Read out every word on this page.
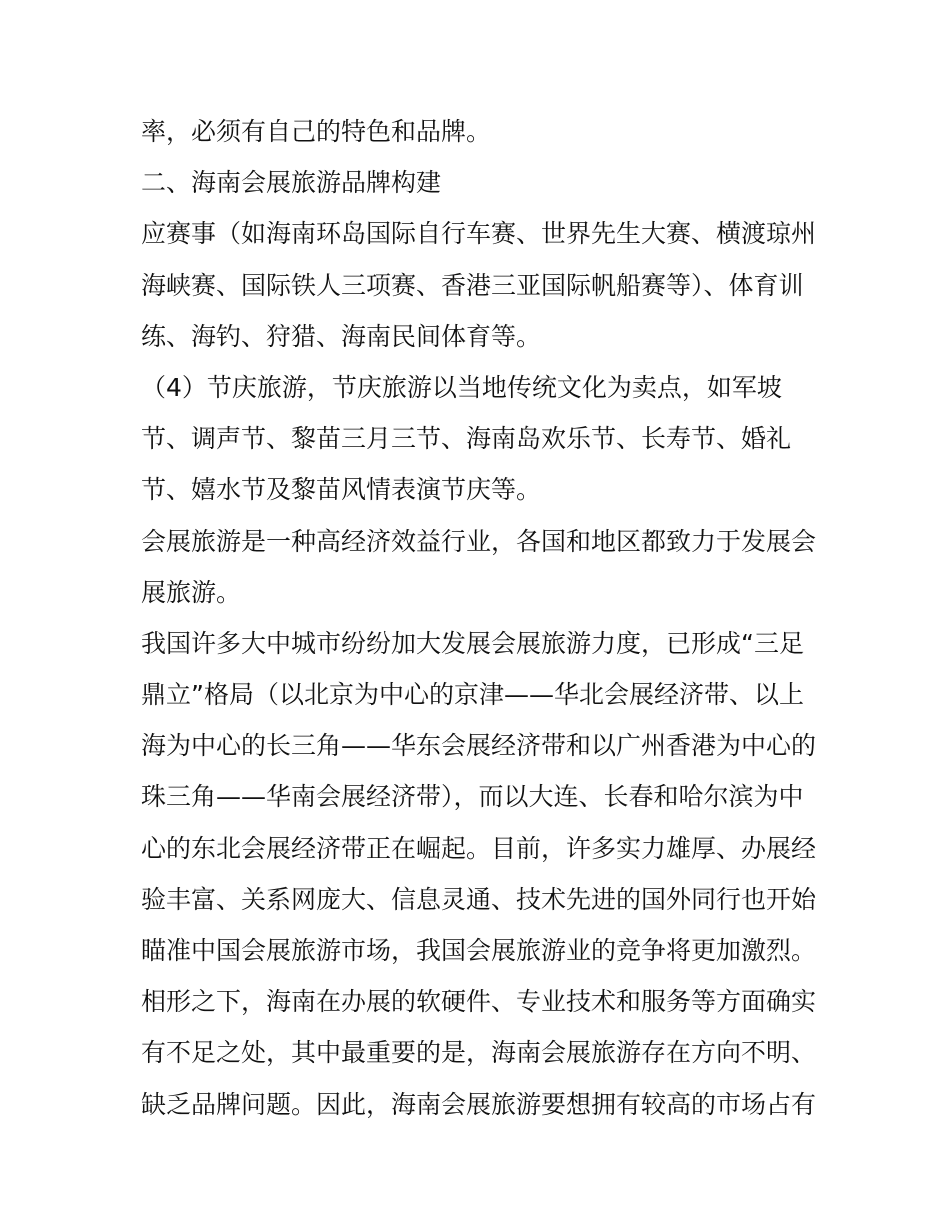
率，必须有自己的特色和品牌。
二、海南会展旅游品牌构建
应赛事（如海南环岛国际自行车赛、世界先生大赛、横渡琼州
海峡赛、国际铁人三项赛、香港三亚国际帆船赛等）、体育训
练、海钓、狩猎、海南民间体育等。
（4）节庆旅游，节庆旅游以当地传统文化为卖点，如军坡
节、调声节、黎苗三月三节、海南岛欢乐节、长寿节、婚礼
节、嬉水节及黎苗风情表演节庆等。
会展旅游是一种高经济效益行业，各国和地区都致力于发展会
展旅游。
我国许多大中城市纷纷加大发展会展旅游力度，已形成“三足
鼎立”格局（以北京为中心的京津——华北会展经济带、以上
海为中心的长三角——华东会展经济带和以广州香港为中心的
珠三角——华南会展经济带），而以大连、长春和哈尔滨为中
心的东北会展经济带正在崛起。目前，许多实力雄厚、办展经
验丰富、关系网庞大、信息灵通、技术先进的国外同行也开始
瞄准中国会展旅游市场，我国会展旅游业的竞争将更加激烈。
相形之下，海南在办展的软硬件、专业技术和服务等方面确实
有不足之处，其中最重要的是，海南会展旅游存在方向不明、
缺乏品牌问题。因此，海南会展旅游要想拥有较高的市场占有
